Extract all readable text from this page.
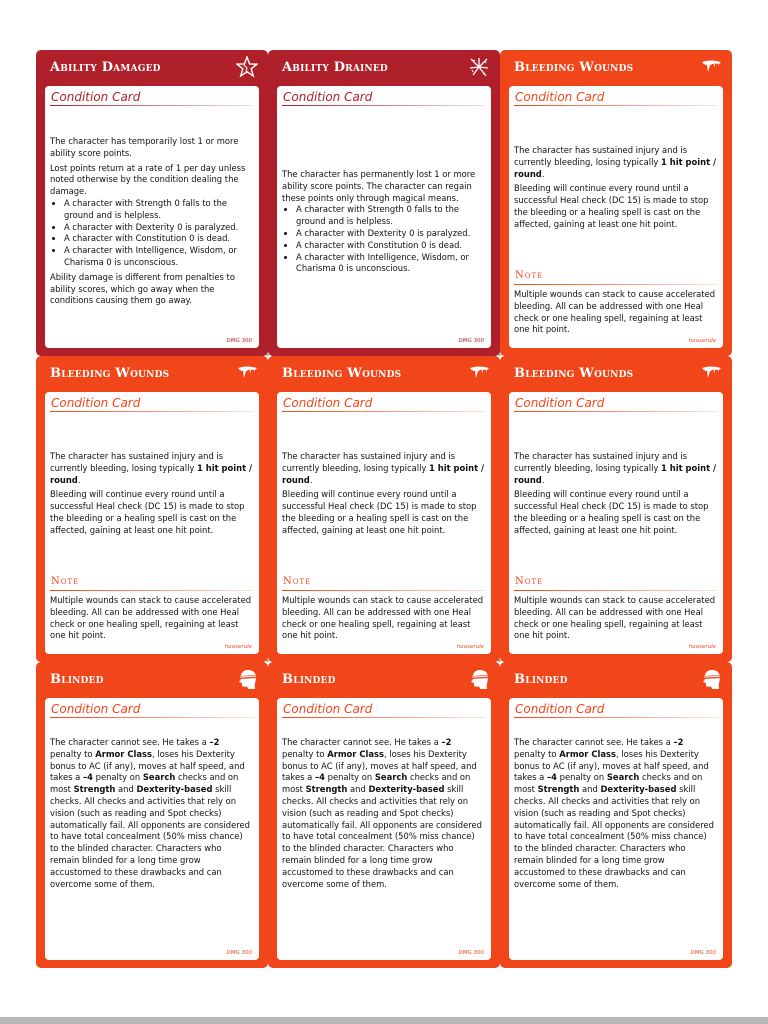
Ability Damaged
Condition Card

The character has temporarily lost 1 or more ability score points.

Lost points return at a rate of 1 per day unless noted otherwise by the condition dealing the damage.

• A character with Strength 0 falls to the ground and is helpless.
• A character with Dexterity 0 is paralyzed.
• A character with Constitution 0 is dead.
• A character with Intelligence, Wisdom, or Charisma 0 is unconscious.

Ability damage is different from penalties to ability scores, which go away when the conditions causing them go away.

DMG 300
Ability Drained
Condition Card

The character has permanently lost 1 or more ability score points. The character can regain these points only through magical means.

• A character with Strength 0 falls to the ground and is helpless.
• A character with Dexterity 0 is paralyzed.
• A character with Constitution 0 is dead.
• A character with Intelligence, Wisdom, or Charisma 0 is unconscious.
DMG 300
Bleeding Wounds
Condition Card

The character has sustained injury and is currently bleeding, losing typically 1 hit point / round.

Bleeding will continue every round until a successful Heal check (DC 15) is made to stop the bleeding or a healing spell is cast on the affected, gaining at least one hit point.

Note
Multiple wounds can stack to cause accelerated bleeding. All can be addressed with one Heal check or one healing spell, regaining at least one hit point.
houserule
Bleeding Wounds
Condition Card

The character has sustained injury and is currently bleeding, losing typically 1 hit point / round.

Bleeding will continue every round until a successful Heal check (DC 15) is made to stop the bleeding or a healing spell is cast on the affected, gaining at least one hit point.

Note
Multiple wounds can stack to cause accelerated bleeding. All can be addressed with one Heal check or one healing spell, regaining at least one hit point.
houserule
Bleeding Wounds
Condition Card

The character has sustained injury and is currently bleeding, losing typically 1 hit point / round.

Bleeding will continue every round until a successful Heal check (DC 15) is made to stop the bleeding or a healing spell is cast on the affected, gaining at least one hit point.

Note
Multiple wounds can stack to cause accelerated bleeding. All can be addressed with one Heal check or one healing spell, regaining at least one hit point.
houserule
Bleeding Wounds
Condition Card

The character has sustained injury and is currently bleeding, losing typically 1 hit point / round.

Bleeding will continue every round until a successful Heal check (DC 15) is made to stop the bleeding or a healing spell is cast on the affected, gaining at least one hit point.

Note
Multiple wounds can stack to cause accelerated bleeding. All can be addressed with one Heal check or one healing spell, regaining at least one hit point.
houserule
Blinded
Condition Card

The character cannot see. He takes a –2 penalty to Armor Class, loses his Dexterity bonus to AC (if any), moves at half speed, and takes a –4 penalty on Search checks and on most Strength and Dexterity-based skill checks. All checks and activities that rely on vision (such as reading and Spot checks) automatically fail. All opponents are considered to have total concealment (50% miss chance) to the blinded character. Characters who remain blinded for a long time grow accustomed to these drawbacks and can overcome some of them.

DMG 300
Blinded
Condition Card

The character cannot see. He takes a –2 penalty to Armor Class, loses his Dexterity bonus to AC (if any), moves at half speed, and takes a –4 penalty on Search checks and on most Strength and Dexterity-based skill checks. All checks and activities that rely on vision (such as reading and Spot checks) automatically fail. All opponents are considered to have total concealment (50% miss chance) to the blinded character. Characters who remain blinded for a long time grow accustomed to these drawbacks and can overcome some of them.

DMG 300
Blinded
Condition Card

The character cannot see. He takes a –2 penalty to Armor Class, loses his Dexterity bonus to AC (if any), moves at half speed, and takes a –4 penalty on Search checks and on most Strength and Dexterity-based skill checks. All checks and activities that rely on vision (such as reading and Spot checks) automatically fail. All opponents are considered to have total concealment (50% miss chance) to the blinded character. Characters who remain blinded for a long time grow accustomed to these drawbacks and can overcome some of them.

DMG 300
✦	✦
✦	✦
